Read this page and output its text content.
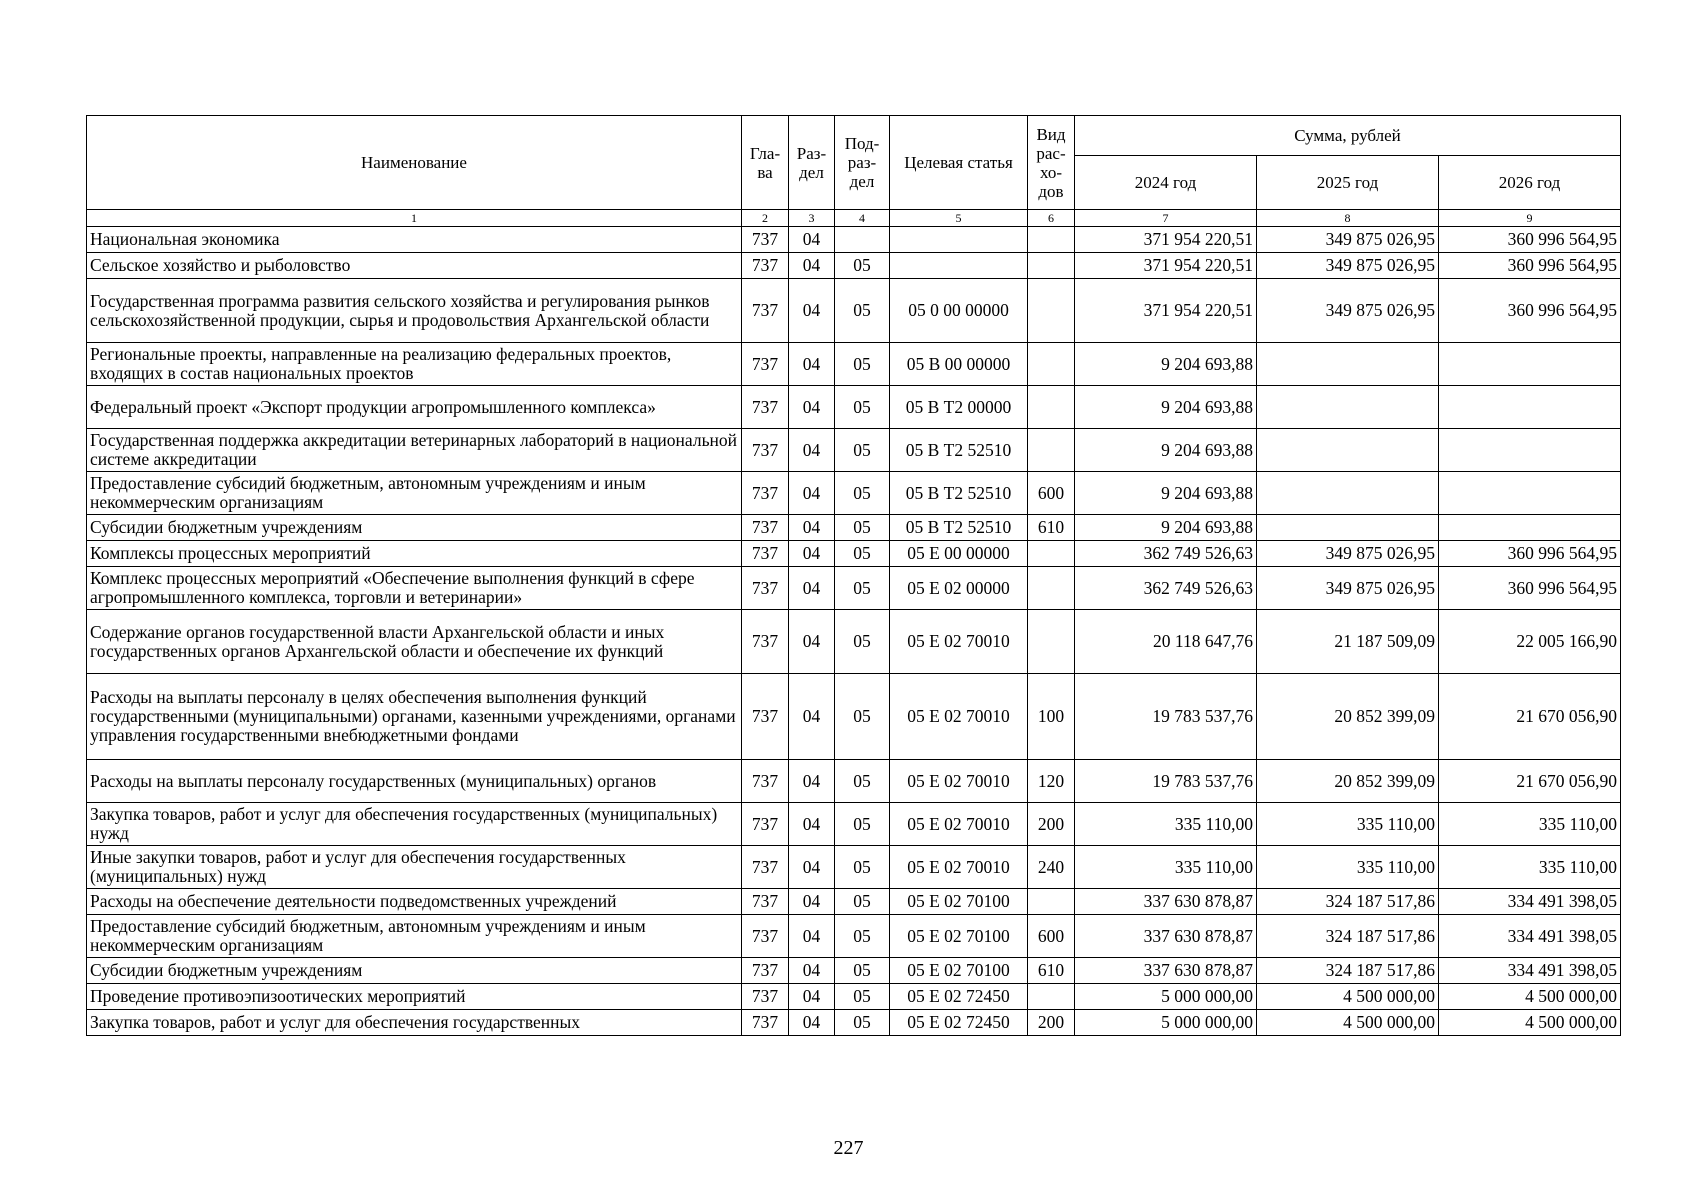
Наименование	Гла-ва	Раз-дел	Под-раз-дел	Целевая статья	Вид рас-хо-дов	Сумма, рублей		
						2024 год	2025 год	2026 год
1	2	3	4	5	6	7	8	9
Национальная экономика	737	04				371 954 220,51	349 875 026,95	360 996 564,95
Сельское хозяйство и рыболовство	737	04	05			371 954 220,51	349 875 026,95	360 996 564,95
Государственная программа развития сельского хозяйства и регулирования рынков сельскохозяйственной продукции, сырья и продовольствия Архангельской области	737	04	05	05 0 00 00000		371 954 220,51	349 875 026,95	360 996 564,95
Региональные проекты, направленные на реализацию федеральных проектов, входящих в состав национальных проектов	737	04	05	05 В 00 00000		9 204 693,88		
Федеральный проект «Экспорт продукции агропромышленного комплекса»	737	04	05	05 В Т2 00000		9 204 693,88		
Государственная поддержка аккредитации ветеринарных лабораторий в национальной системе аккредитации	737	04	05	05 В Т2 52510		9 204 693,88		
Предоставление субсидий бюджетным, автономным учреждениям и иным некоммерческим организациям	737	04	05	05 В Т2 52510	600	9 204 693,88		
Субсидии бюджетным учреждениям	737	04	05	05 В Т2 52510	610	9 204 693,88		
Комплексы процессных мероприятий	737	04	05	05 Е 00 00000		362 749 526,63	349 875 026,95	360 996 564,95
Комплекс процессных мероприятий «Обеспечение выполнения функций в сфере агропромышленного комплекса, торговли и ветеринарии»	737	04	05	05 Е 02 00000		362 749 526,63	349 875 026,95	360 996 564,95
Содержание органов государственной власти Архангельской области и иных государственных органов Архангельской области и обеспечение их функций	737	04	05	05 Е 02 70010		20 118 647,76	21 187 509,09	22 005 166,90
Расходы на выплаты персоналу в целях обеспечения выполнения функций государственными (муниципальными) органами, казенными учреждениями, органами управления государственными внебюджетными фондами	737	04	05	05 Е 02 70010	100	19 783 537,76	20 852 399,09	21 670 056,90
Расходы на выплаты персоналу государственных (муниципальных) органов	737	04	05	05 Е 02 70010	120	19 783 537,76	20 852 399,09	21 670 056,90
Закупка товаров, работ и услуг для обеспечения государственных (муниципальных) нужд	737	04	05	05 Е 02 70010	200	335 110,00	335 110,00	335 110,00
Иные закупки товаров, работ и услуг для обеспечения государственных (муниципальных) нужд	737	04	05	05 Е 02 70010	240	335 110,00	335 110,00	335 110,00
Расходы на обеспечение деятельности подведомственных учреждений	737	04	05	05 Е 02 70100		337 630 878,87	324 187 517,86	334 491 398,05
Предоставление субсидий бюджетным, автономным учреждениям и иным некоммерческим организациям	737	04	05	05 Е 02 70100	600	337 630 878,87	324 187 517,86	334 491 398,05
Субсидии бюджетным учреждениям	737	04	05	05 Е 02 70100	610	337 630 878,87	324 187 517,86	334 491 398,05
Проведение противоэпизоотических мероприятий	737	04	05	05 Е 02 72450		5 000 000,00	4 500 000,00	4 500 000,00
Закупка товаров, работ и услуг для обеспечения государственных	737	04	05	05 Е 02 72450	200	5 000 000,00	4 500 000,00	4 500 000,00
227
